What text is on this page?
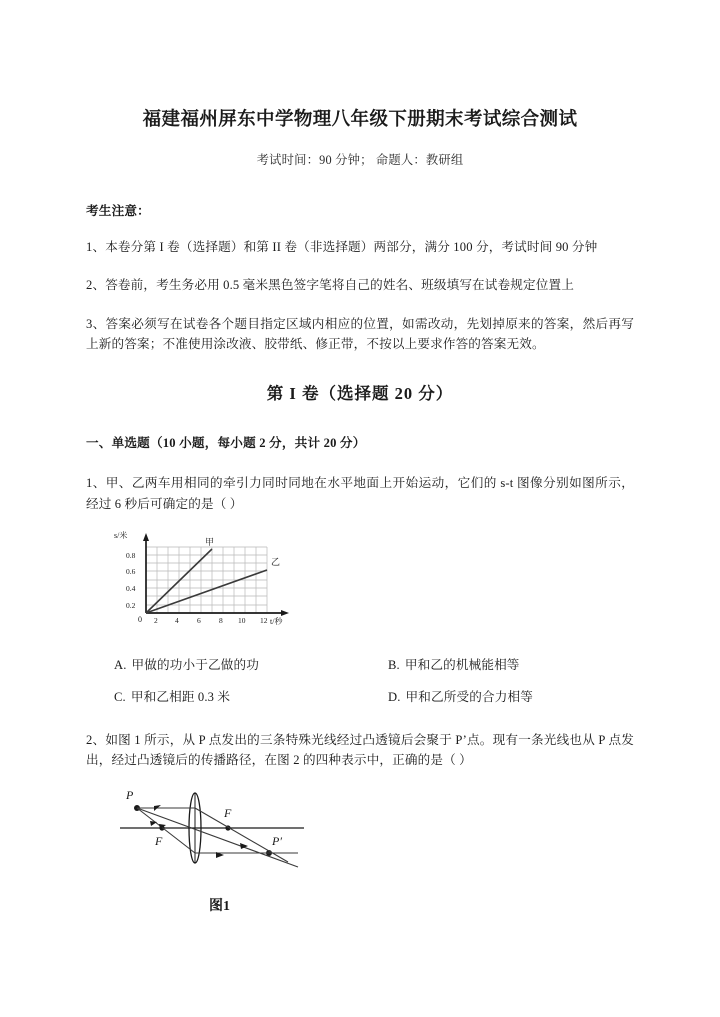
福建福州屏东中学物理八年级下册期末考试综合测试

考试时间：90 分钟； 命题人：教研组

考生注意：

1、本卷分第 I 卷（选择题）和第 II 卷（非选择题）两部分，满分 100 分，考试时间 90 分钟

2、答卷前，考生务必用 0.5 毫米黑色签字笔将自己的姓名、班级填写在试卷规定位置上

3、答案必须写在试卷各个题目指定区域内相应的位置，如需改动，先划掉原来的答案，然后再写上新的答案；不准使用涂改液、胶带纸、修正带，不按以上要求作答的答案无效。

第 I 卷（选择题 20 分）

一、单选题（10 小题，每小题 2 分，共计 20 分）

1、甲、乙两车用相同的牵引力同时同地在水平地面上开始运动，它们的 s-t 图像分别如图所示，经过 6 秒后可确定的是（ ）

s/米
t/秒
0
0.2
0.4
0.6
0.8
2 4 6 8 10 12
甲
乙
A. 甲做的功小于乙做的功	B. 甲和乙的机械能相等
C. 甲和乙相距 0.3 米	D. 甲和乙所受的合力相等

2、如图 1 所示，从 P 点发出的三条特殊光线经过凸透镜后会聚于 P’点。现有一条光线也从 P 点发出，经过凸透镜后的传播路径，在图 2 的四种表示中，正确的是（ ）

P
P′
F
F
图1
